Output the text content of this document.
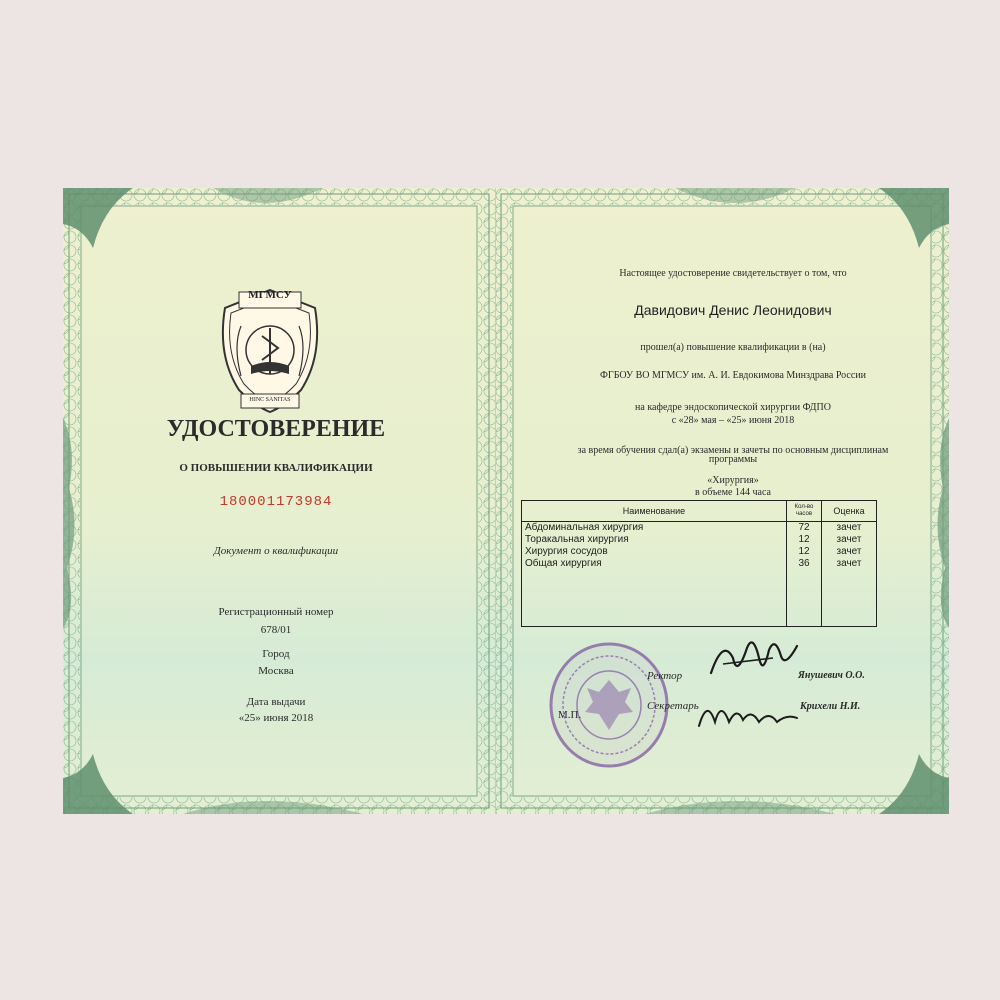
МГМСУ
HINC SANITAS
УДОСТОВЕРЕНИЕ
О ПОВЫШЕНИИ КВАЛИФИКАЦИИ
180001173984
Документ о квалификации
Регистрационный номер
678/01
Город
Москва
Дата выдачи
«25» июня 2018
Настоящее удостоверение свидетельствует о том, что
Давидович Денис Леонидович
прошел(а) повышение квалификации в (на)
ФГБОУ ВО МГМСУ им. А. И. Евдокимова Минздрава России
на кафедре эндоскопической хирургии ФДПО
с «28» мая – «25» июня 2018
за время обучения сдал(а) экзамены и зачеты по основным дисциплинам
программы
«Хирургия»
в объеме 144 часа
Наименование	Кол-во часов	Оценка
Абдоминальная хирургия	72	зачет
Торакальная хирургия	12	зачет
Хирургия сосудов	12	зачет
Общая хирургия	36	зачет

М.П.
Ректор	Янушевич О.О.
Секретарь	Крихели Н.И.
